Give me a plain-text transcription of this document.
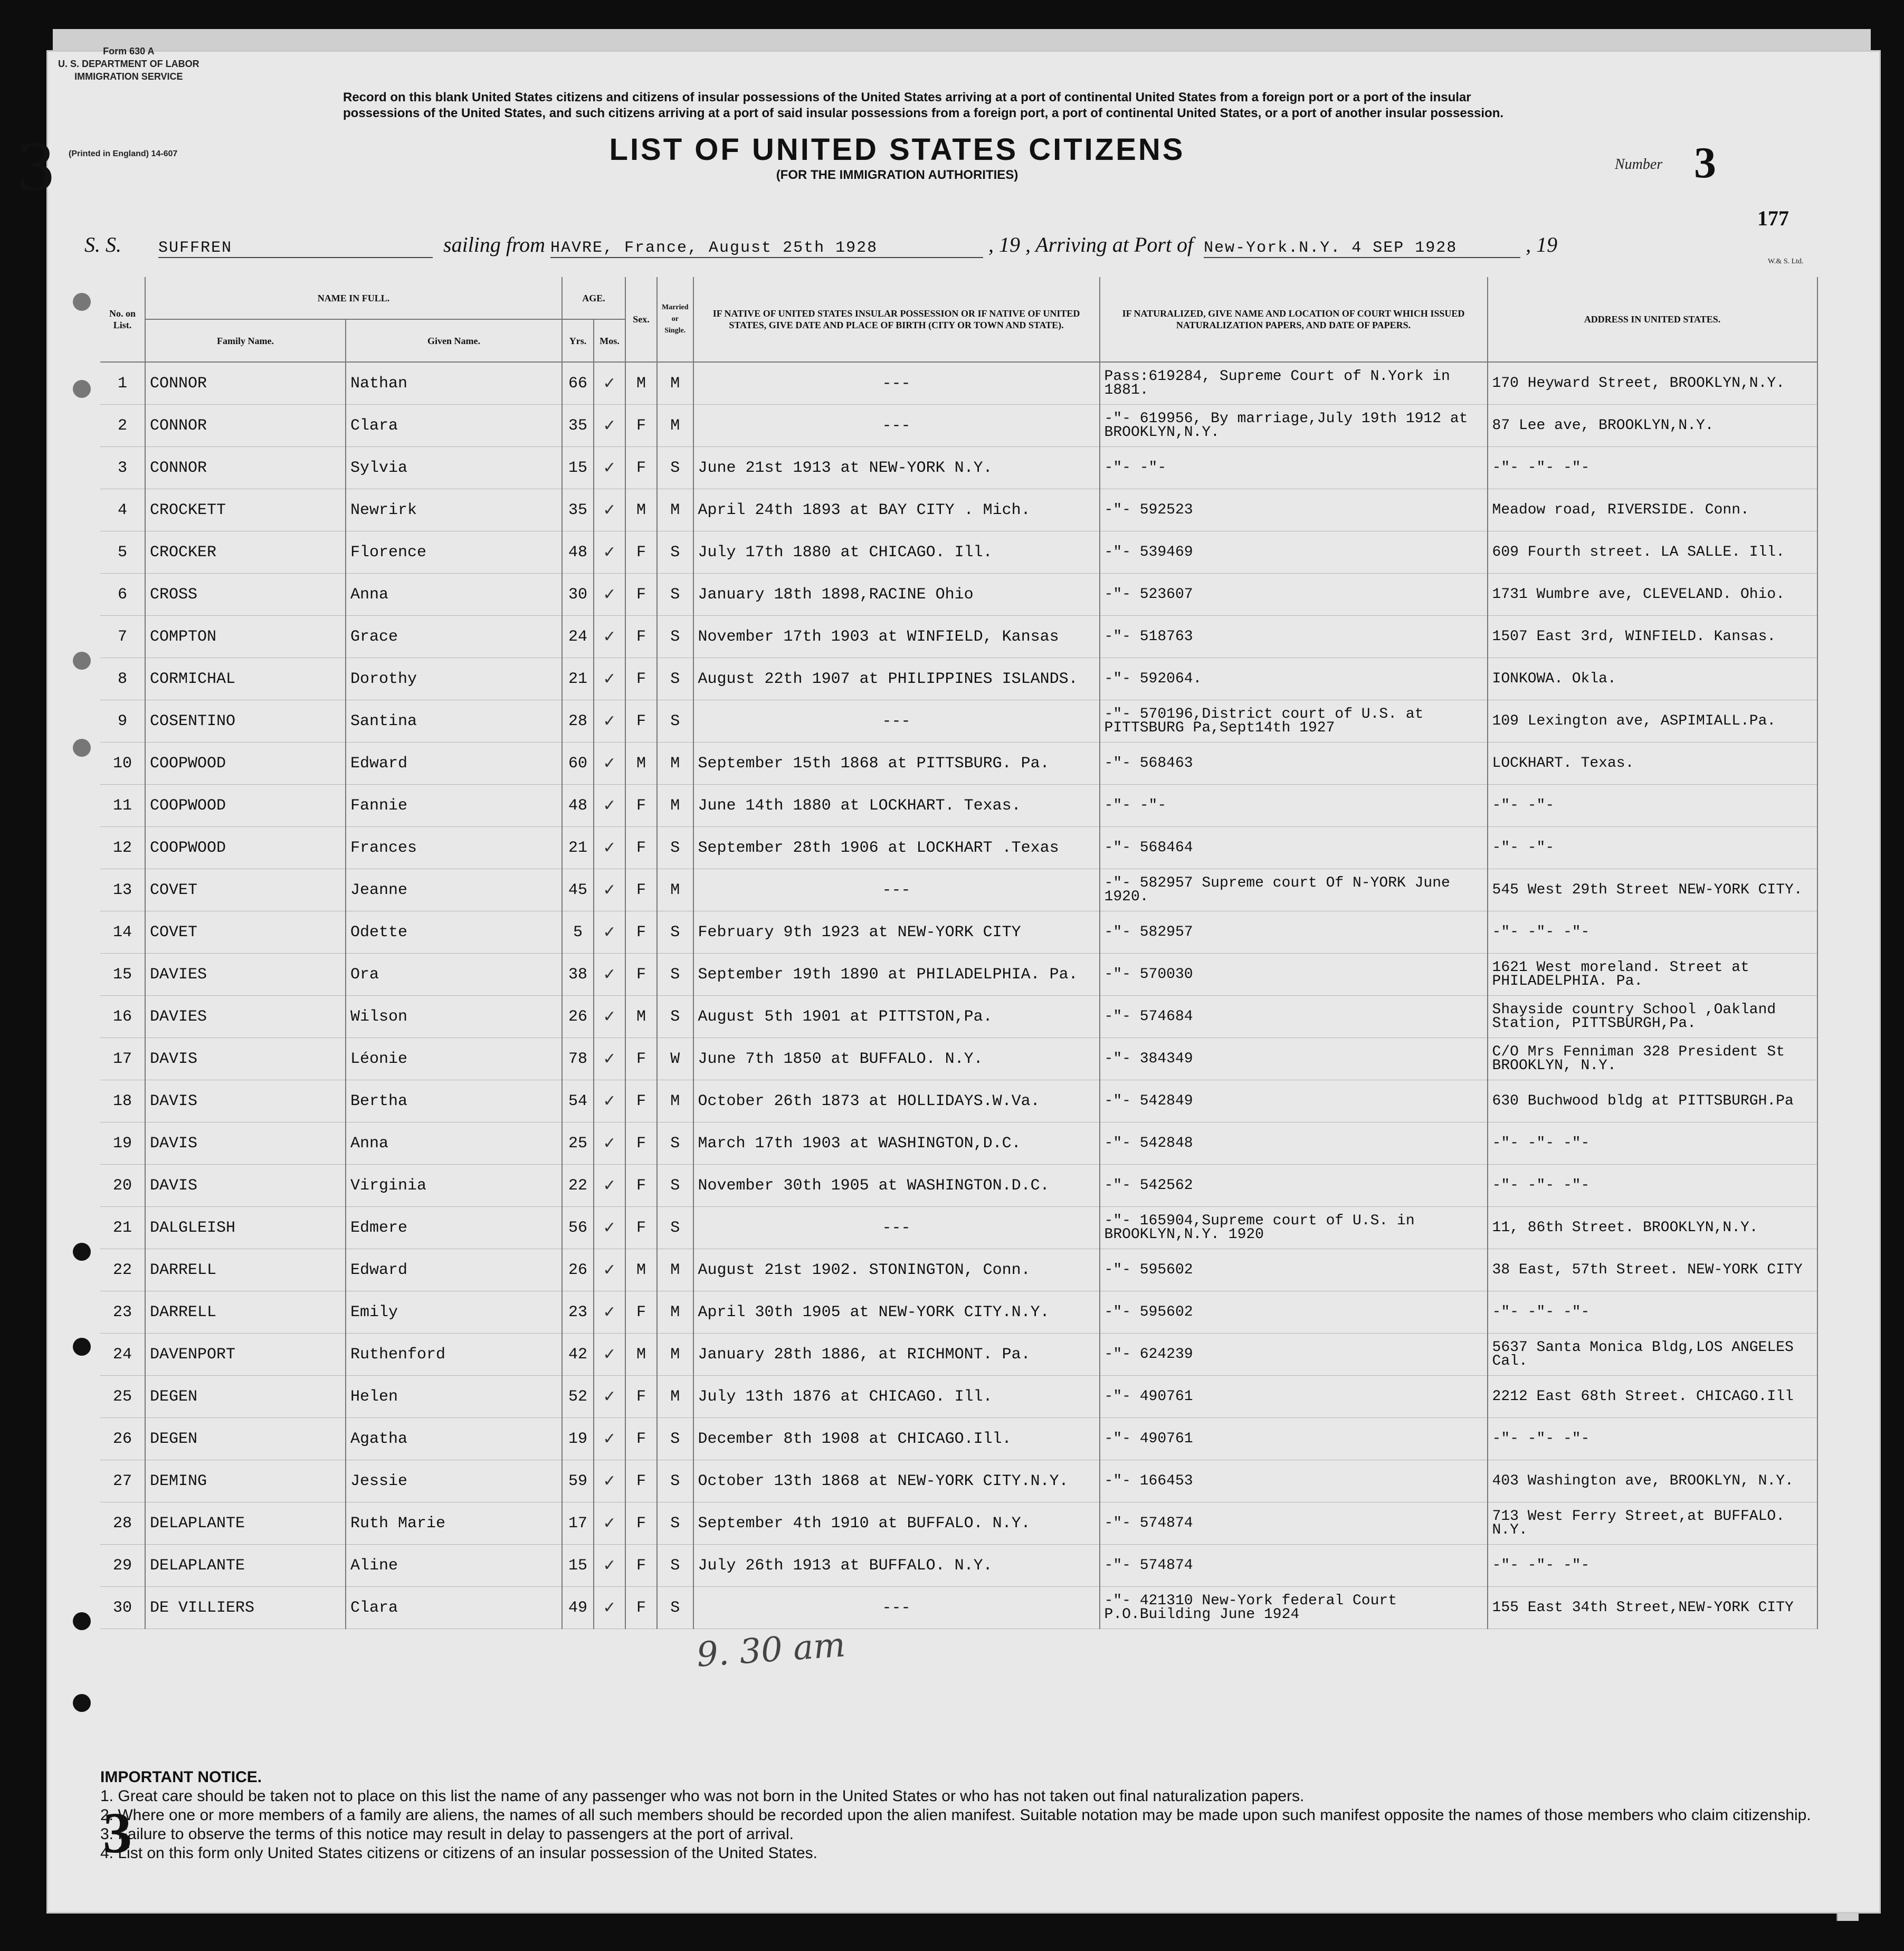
Form 630 A
U. S. DEPARTMENT OF LABOR
IMMIGRATION SERVICE
3 (Printed in England) 14-607
Record on this blank United States citizens and citizens of insular possessions of the United States arriving at a port of continental United States from a foreign port or a port of the insular possessions of the United States, and such citizens arriving at a port of said insular possessions from a foreign port, a port of continental United States, or a port of another insular possession.
LIST OF UNITED STATES CITIZENS
(FOR THE IMMIGRATION AUTHORITIES)
Number 3
177
S. S. SUFFREN	sailing from HAVRE, France, August 25th 1928	, 19 , Arriving at Port of New-York.N.Y. 4 SEP 1928	, 19
W.& S. Ltd.
No. on List.	NAME IN FULL.		AGE.		Sex.	Married or Single.	IF NATIVE OF UNITED STATES INSULAR POSSESSION OR IF NATIVE OF UNITED STATES, GIVE DATE AND PLACE OF BIRTH (CITY OR TOWN AND STATE).	IF NATURALIZED, GIVE NAME AND LOCATION OF COURT WHICH ISSUED NATURALIZATION PAPERS, AND DATE OF PAPERS.	ADDRESS IN UNITED STATES.
	Family Name.	Given Name.	Yrs.	Mos.					
1	CONNOR	Nathan	66	✓	M	M	---	Pass:619284, Supreme Court of N.York in 1881.	170 Heyward Street, BROOKLYN,N.Y.
2	CONNOR	Clara	35	✓	F	M	---	-"- 619956, By marriage,July 19th 1912 at BROOKLYN,N.Y.	87 Lee ave, BROOKLYN,N.Y.
3	CONNOR	Sylvia	15	✓	F	S	June 21st 1913 at NEW-YORK N.Y.	-"- -"-	-"- -"- -"-
4	CROCKETT	Newrirk	35	✓	M	M	April 24th 1893 at BAY CITY . Mich.	-"- 592523	Meadow road, RIVERSIDE. Conn.
5	CROCKER	Florence	48	✓	F	S	July 17th 1880 at CHICAGO. Ill.	-"- 539469	609 Fourth street. LA SALLE. Ill.
6	CROSS	Anna	30	✓	F	S	January 18th 1898,RACINE Ohio	-"- 523607	1731 Wumbre ave, CLEVELAND. Ohio.
7	COMPTON	Grace	24	✓	F	S	November 17th 1903 at WINFIELD, Kansas	-"- 518763	1507 East 3rd, WINFIELD. Kansas.
8	CORMICHAL	Dorothy	21	✓	F	S	August 22th 1907 at PHILIPPINES ISLANDS.	-"- 592064.	IONKOWA. Okla.
9	COSENTINO	Santina	28	✓	F	S	---	-"- 570196,District court of U.S. at PITTSBURG Pa,Sept14th 1927	109 Lexington ave, ASPIMIALL.Pa.
10	COOPWOOD	Edward	60	✓	M	M	September 15th 1868 at PITTSBURG. Pa.	-"- 568463	LOCKHART. Texas.
11	COOPWOOD	Fannie	48	✓	F	M	June 14th 1880 at LOCKHART. Texas.	-"- -"-	-"- -"-
12	COOPWOOD	Frances	21	✓	F	S	September 28th 1906 at LOCKHART .Texas	-"- 568464	-"- -"-
13	COVET	Jeanne	45	✓	F	M	---	-"- 582957 Supreme court Of N-YORK June 1920.	545 West 29th Street NEW-YORK CITY.
14	COVET	Odette	5	✓	F	S	February 9th 1923 at NEW-YORK CITY	-"- 582957	-"- -"- -"-
15	DAVIES	Ora	38	✓	F	S	September 19th 1890 at PHILADELPHIA. Pa.	-"- 570030	1621 West moreland. Street at PHILADELPHIA. Pa.
16	DAVIES	Wilson	26	✓	M	S	August 5th 1901 at PITTSTON,Pa.	-"- 574684	Shayside country School ,Oakland Station, PITTSBURGH,Pa.
17	DAVIS	Léonie	78	✓	F	W	June 7th 1850 at BUFFALO. N.Y.	-"- 384349	C/O Mrs Fenniman 328 President St BROOKLYN, N.Y.
18	DAVIS	Bertha	54	✓	F	M	October 26th 1873 at HOLLIDAYS.W.Va.	-"- 542849	630 Buchwood bldg at PITTSBURGH.Pa
19	DAVIS	Anna	25	✓	F	S	March 17th 1903 at WASHINGTON,D.C.	-"- 542848	-"- -"- -"-
20	DAVIS	Virginia	22	✓	F	S	November 30th 1905 at WASHINGTON.D.C.	-"- 542562	-"- -"- -"-
21	DALGLEISH	Edmere	56	✓	F	S	---	-"- 165904,Supreme court of U.S. in BROOKLYN,N.Y. 1920	11, 86th Street. BROOKLYN,N.Y.
22	DARRELL	Edward	26	✓	M	M	August 21st 1902. STONINGTON, Conn.	-"- 595602	38 East, 57th Street. NEW-YORK CITY
23	DARRELL	Emily	23	✓	F	M	April 30th 1905 at NEW-YORK CITY.N.Y.	-"- 595602	-"- -"- -"-
24	DAVENPORT	Ruthenford	42	✓	M	M	January 28th 1886, at RICHMONT. Pa.	-"- 624239	5637 Santa Monica Bldg,LOS ANGELES Cal.
25	DEGEN	Helen	52	✓	F	M	July 13th 1876 at CHICAGO. Ill.	-"- 490761	2212 East 68th Street. CHICAGO.Ill
26	DEGEN	Agatha	19	✓	F	S	December 8th 1908 at CHICAGO.Ill.	-"- 490761	-"- -"- -"-
27	DEMING	Jessie	59	✓	F	S	October 13th 1868 at NEW-YORK CITY.N.Y.	-"- 166453	403 Washington ave, BROOKLYN, N.Y.
28	DELAPLANTE	Ruth Marie	17	✓	F	S	September 4th 1910 at BUFFALO. N.Y.	-"- 574874	713 West Ferry Street,at BUFFALO. N.Y.
29	DELAPLANTE	Aline	15	✓	F	S	July 26th 1913 at BUFFALO. N.Y.	-"- 574874	-"- -"- -"-
30	DE VILLIERS	Clara	49	✓	F	S	---	-"- 421310 New-York federal Court P.O.Building June 1924	155 East 34th Street,NEW-YORK CITY
9. 30 am
IMPORTANT NOTICE.
1. Great care should be taken not to place on this list the name of any passenger who was not born in the United States or who has not taken out final naturalization papers.
2. Where one or more members of a family are aliens, the names of all such members should be recorded upon the alien manifest. Suitable notation may be made upon such manifest opposite the names of those members who claim citizenship.
3. Failure to observe the terms of this notice may result in delay to passengers at the port of arrival.
4. List on this form only United States citizens or citizens of an insular possession of the United States.
3
